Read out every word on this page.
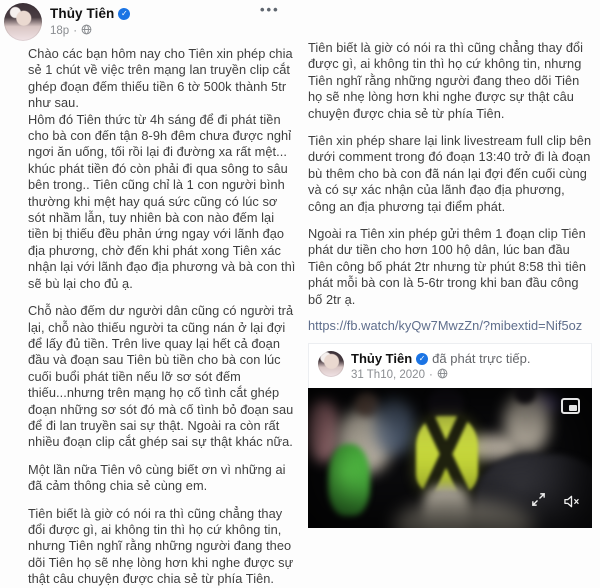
Thủy Tiên ✓
18p ·
•••

Chào các bạn hôm nay cho Tiên xin phép chia sẻ 1 chút về việc trên mạng lan truyền clip cắt ghép đoạn đếm thiếu tiền 6 tờ 500k thành 5tr như sau.

Hôm đó Tiên thức từ 4h sáng để đi phát tiền cho bà con đến tận 8-9h đêm chưa được nghỉ ngơi ăn uống, tối rồi lại đi đường xa rất mệt... khúc phát tiền đó còn phải đi qua sông to sâu bên trong.. Tiên cũng chỉ là 1 con người bình thường khi mệt hay quá sức cũng có lúc sơ sót nhầm lẫn, tuy nhiên bà con nào đếm lại tiền bị thiếu đều phản ứng ngay với lãnh đạo địa phương, chờ đến khi phát xong Tiên xác nhận lại với lãnh đạo địa phương và bà con thì sẽ bù lại cho đủ ạ.

Chỗ nào đếm dư người dân cũng có người trả lại, chỗ nào thiếu người ta cũng nán ở lại đợi để lấy đủ tiền. Trên live quay lại hết cả đoạn đầu và đoạn sau Tiên bù tiền cho bà con lúc cuối buổi phát tiền nếu lỡ sơ sót đếm thiếu...nhưng trên mạng họ cố tình cắt ghép đoạn những sơ sót đó mà cố tình bỏ đoạn sau để đi lan truyền sai sự thật. Ngoài ra còn rất nhiều đoạn clip cắt ghép sai sự thật khác nữa.

Một lần nữa Tiên vô cùng biết ơn vì những ai đã cảm thông chia sẻ cùng em.

Tiên biết là giờ có nói ra thì cũng chẳng thay đổi được gì, ai không tin thì họ cứ không tin, nhưng Tiên nghĩ rằng những người đang theo dõi Tiên họ sẽ nhẹ lòng hơn khi nghe được sự thật câu chuyện được chia sẻ từ phía Tiên.

Tiên biết là giờ có nói ra thì cũng chẳng thay đổi được gì, ai không tin thì họ cứ không tin, nhưng Tiên nghĩ rằng những người đang theo dõi Tiên họ sẽ nhẹ lòng hơn khi nghe được sự thật câu chuyện được chia sẻ từ phía Tiên.

Tiên xin phép share lại link livestream full clip bên dưới comment trong đó đoạn 13:40 trở đi là đoạn bù thêm cho bà con đã nán lại đợi đến cuối cùng và có sự xác nhận của lãnh đạo địa phương, công an địa phương tại điểm phát.

Ngoài ra Tiên xin phép gửi thêm 1 đoạn clip Tiên phát dư tiền cho hơn 100 hộ dân, lúc ban đầu Tiên công bố phát 2tr nhưng từ phút 8:58 thì tiên phát mỗi bà con là 5-6tr trong khi ban đầu công bố 2tr ạ.

https://fb.watch/kyQw7MwzZn/?mibextid=Nif5oz
Thủy Tiên ✓ đã phát trực tiếp.
31 Th10, 2020 ·
